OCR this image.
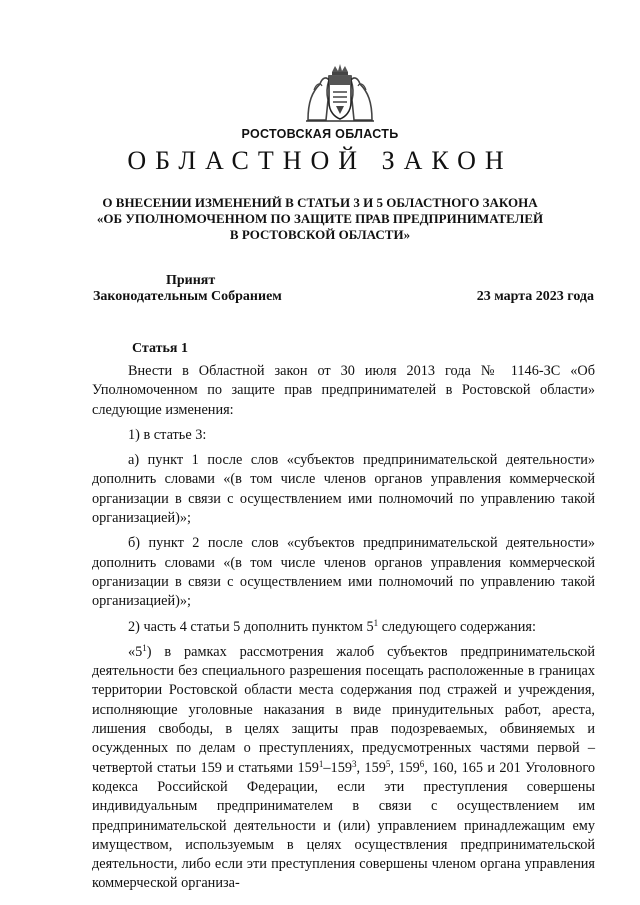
РОСТОВСКАЯ ОБЛАСТЬ
ОБЛАСТНОЙ ЗАКОН
О ВНЕСЕНИИ ИЗМЕНЕНИЙ В СТАТЬИ 3 И 5 ОБЛАСТНОГО ЗАКОНА
«ОБ УПОЛНОМОЧЕННОМ ПО ЗАЩИТЕ ПРАВ ПРЕДПРИНИМАТЕЛЕЙ
В РОСТОВСКОЙ ОБЛАСТИ»
Принят
Законодательным Собранием	23 марта 2023 года
Статья 1

Внести в Областной закон от 30 июля 2013 года № 1146-ЗС «Об Уполномоченном по защите прав предпринимателей в Ростовской области» следующие изменения:

1) в статье 3:

а) пункт 1 после слов «субъектов предпринимательской деятельности» дополнить словами «(в том числе членов органов управления коммерческой организации в связи с осуществлением ими полномочий по управлению такой организацией)»;

б) пункт 2 после слов «субъектов предпринимательской деятельности» дополнить словами «(в том числе членов органов управления коммерческой организации в связи с осуществлением ими полномочий по управлению такой организацией)»;

2) часть 4 статьи 5 дополнить пунктом $5^1$ следующего содержания:

«$5^1$) в рамках рассмотрения жалоб субъектов предпринимательской деятельности без специального разрешения посещать расположенные в границах территории Ростовской области места содержания под стражей и учреждения, исполняющие уголовные наказания в виде принудительных работ, ареста, лишения свободы, в целях защиты прав подозреваемых, обвиняемых и осужденных по делам о преступлениях, предусмотренных частями первой – четвертой статьи 159 и статьями $159^1-159^3$, $159^5$, $159^6$, 160, 165 и 201 Уголовного кодекса Российской Федерации, если эти преступления совершены индивидуальным предпринимателем в связи с осуществлением им предпринимательской деятельности и (или) управлением принадлежащим ему имуществом, используемым в целях осуществления предпринимательской деятельности, либо если эти преступления совершены членом органа управления коммерческой организа-
